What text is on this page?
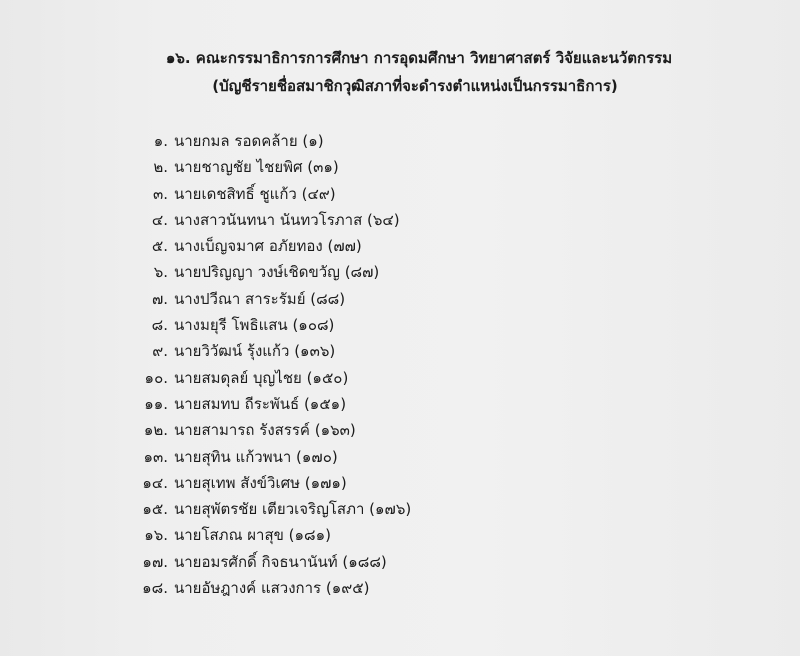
๑๖. คณะกรรมาธิการการศึกษา การอุดมศึกษา วิทยาศาสตร์ วิจัยและนวัตกรรม
(บัญชีรายชื่อสมาชิกวุฒิสภาที่จะดำรงตำแหน่งเป็นกรรมาธิการ)
๑. นายกมล รอดคล้าย (๑)
๒. นายชาญชัย ไชยพิศ (๓๑)
๓. นายเดชสิทธิ์ ชูแก้ว (๔๙)
๔. นางสาวนันทนา นันทวโรภาส (๖๔)
๕. นางเบ็ญจมาศ อภัยทอง (๗๗)
๖. นายปริญญา วงษ์เชิดขวัญ (๘๗)
๗. นางปวีณา สาระรัมย์ (๘๘)
๘. นางมยุรี โพธิแสน (๑๐๘)
๙. นายวิวัฒน์ รุ้งแก้ว (๑๓๖)
๑๐. นายสมดุลย์ บุญไชย (๑๕๐)
๑๑. นายสมทบ ถีระพันธ์ (๑๕๑)
๑๒. นายสามารถ รังสรรค์ (๑๖๓)
๑๓. นายสุทิน แก้วพนา (๑๗๐)
๑๔. นายสุเทพ สังข์วิเศษ (๑๗๑)
๑๕. นายสุพัตรชัย เตียวเจริญโสภา (๑๗๖)
๑๖. นายโสภณ ผาสุข (๑๘๑)
๑๗. นายอมรศักดิ์ กิจธนานันท์ (๑๘๘)
๑๘. นายอัษฎางค์ แสวงการ (๑๙๕)
